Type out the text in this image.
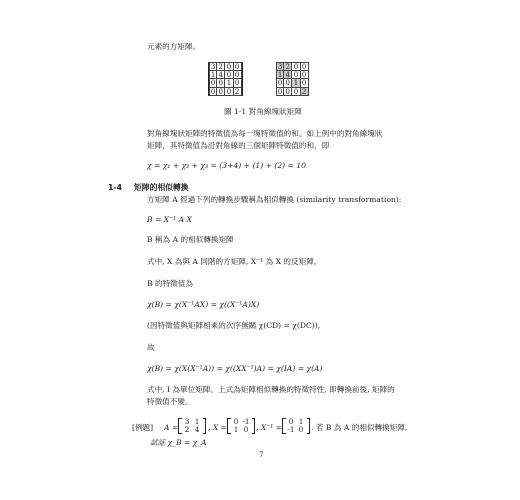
元素的方矩陣。
3 2 0 0
1 4 0 0
0 0 1 0
0 0 0 2
3 2 0 0
1 4 0 0
0 0 1 0
0 0 0 2
圖 1-1 對角線塊狀矩陣
對角線塊狀矩陣的特徵值為每一塊特徵值的和。如上例中的對角線塊狀
矩陣，其特徵值為沿對角線的三個矩陣特徵值的和，即
χ = χ₁ + χ₂ + χ₃ = (3+4) + (1) + (2) = 10
1-4 矩陣的相似轉換
方矩陣 A 經過下列的轉換步驟稱為相似轉換 (similarity transformation):
B = X⁻¹ A X
B 稱為 A 的相似轉換矩陣
式中, X 為與 A 同階的方矩陣, X⁻¹ 為 X 的反矩陣。
B 的特徵值為
χ(B) = χ(X⁻¹AX) = χ((X⁻¹A)X)
(因特徵值與矩陣相乘的次序無關 χ(CD) = χ(DC)),
故
χ(B) = χ(X(X⁻¹A)) = χ((XX⁻¹)A) = χ(IA) = χ(A)
式中, I 為單位矩陣。上式為矩陣相似轉換的特徵特性, 即轉換前後, 矩陣的
特徵值不變。
[例題] A =
3 1
2 4	, X =
0 -1
1 0	, X⁻¹ =
0 1
-1 0	. 若 B 為 A 的相似轉換矩陣,
試証 χ_B = χ_A
7
